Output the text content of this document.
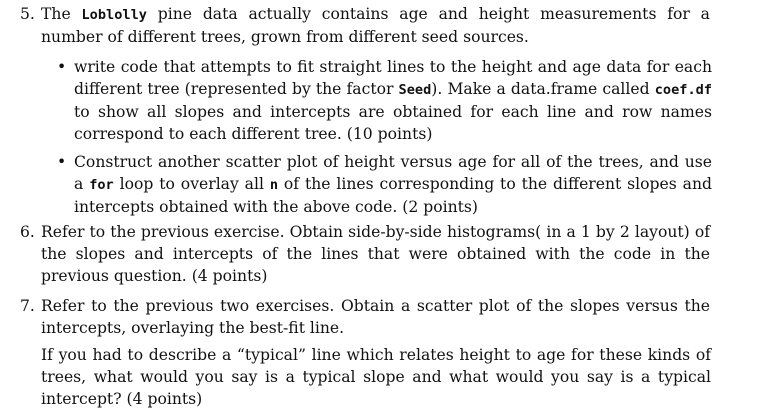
5. The Loblolly pine data actually contains age and height measurements for a number of different trees, grown from different seed sources.
• write code that attempts to fit straight lines to the height and age data for each different tree (represented by the factor Seed). Make a data.frame called coef.df to show all slopes and intercepts are obtained for each line and row names correspond to each different tree. (10 points)
• Construct another scatter plot of height versus age for all of the trees, and use a for loop to overlay all n of the lines corresponding to the different slopes and intercepts obtained with the above code. (2 points)
6. Refer to the previous exercise. Obtain side-by-side histograms( in a 1 by 2 layout) of the slopes and intercepts of the lines that were obtained with the code in the previous question. (4 points)
7. Refer to the previous two exercises. Obtain a scatter plot of the slopes versus the intercepts, overlaying the best-fit line.
If you had to describe a “typical” line which relates height to age for these kinds of trees, what would you say is a typical slope and what would you say is a typical intercept? (4 points)
